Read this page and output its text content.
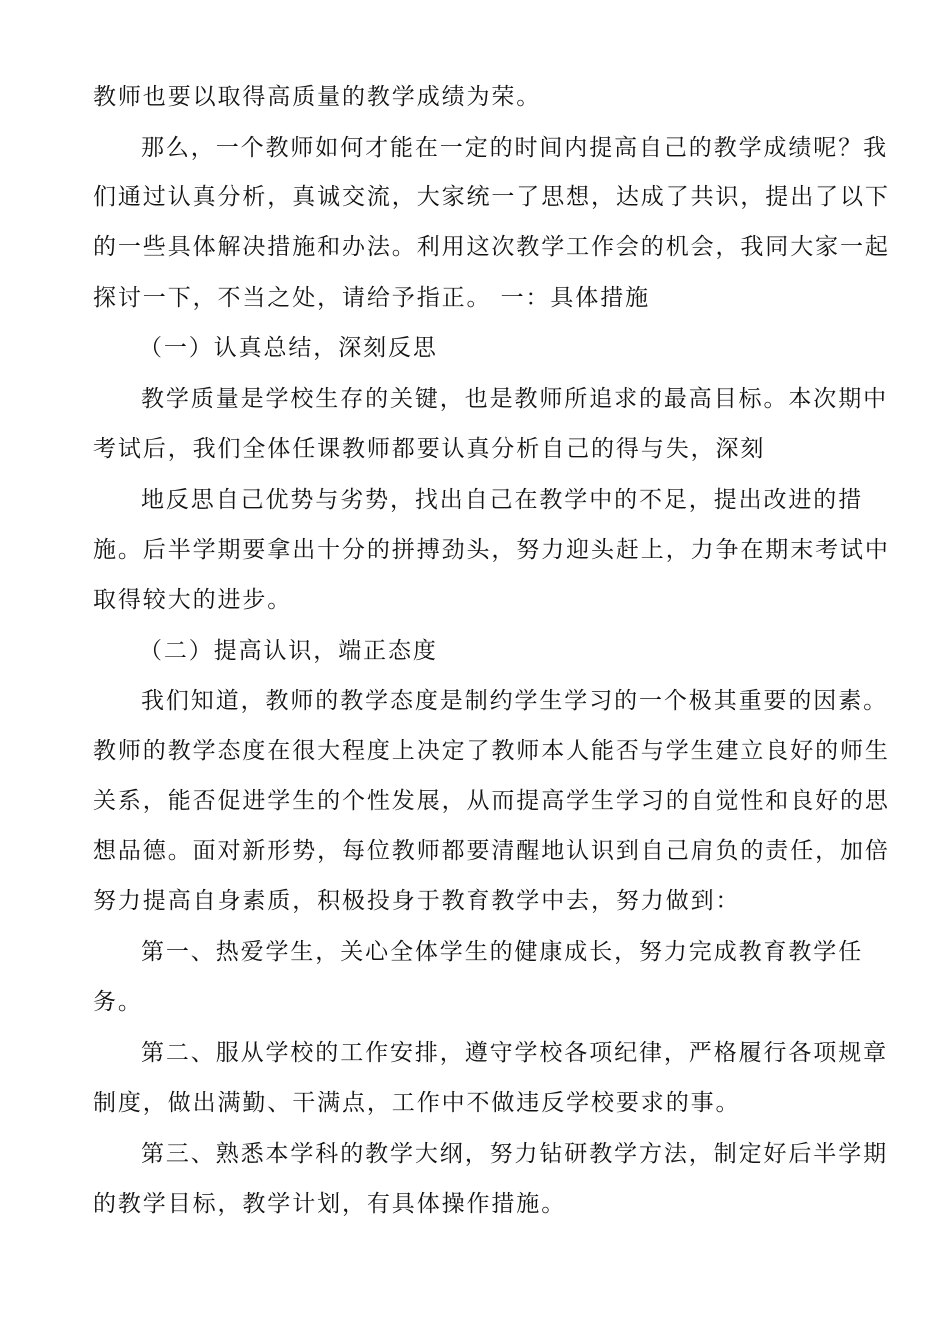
教师也要以取得高质量的教学成绩为荣。
那么，一个教师如何才能在一定的时间内提高自己的教学成绩呢？我
们通过认真分析，真诚交流，大家统一了思想，达成了共识，提出了以下
的一些具体解决措施和办法。利用这次教学工作会的机会，我同大家一起
探讨一下，不当之处，请给予指正。 一：具体措施
（一）认真总结，深刻反思
教学质量是学校生存的关键，也是教师所追求的最高目标。本次期中
考试后，我们全体任课教师都要认真分析自己的得与失，深刻
地反思自己优势与劣势，找出自己在教学中的不足，提出改进的措
施。后半学期要拿出十分的拼搏劲头，努力迎头赶上，力争在期末考试中
取得较大的进步。
（二）提高认识，端正态度
我们知道，教师的教学态度是制约学生学习的一个极其重要的因素。
教师的教学态度在很大程度上决定了教师本人能否与学生建立良好的师生
关系，能否促进学生的个性发展，从而提高学生学习的自觉性和良好的思
想品德。面对新形势，每位教师都要清醒地认识到自己肩负的责任，加倍
努力提高自身素质，积极投身于教育教学中去，努力做到：
第一、热爱学生，关心全体学生的健康成长，努力完成教育教学任
务。
第二、服从学校的工作安排，遵守学校各项纪律，严格履行各项规章
制度，做出满勤、干满点，工作中不做违反学校要求的事。
第三、熟悉本学科的教学大纲，努力钻研教学方法，制定好后半学期
的教学目标，教学计划，有具体操作措施。
